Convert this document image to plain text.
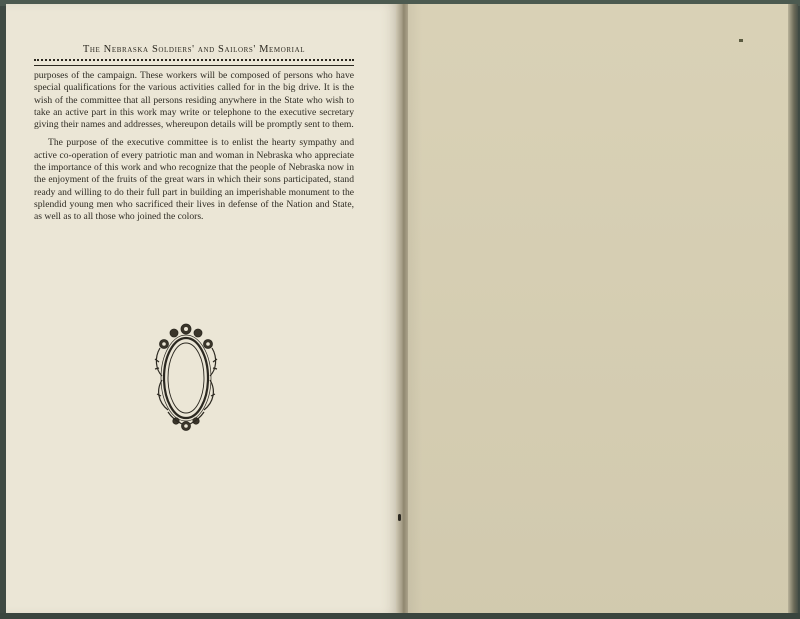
The Nebraska Soldiers' and Sailors' Memorial

purposes of the campaign. These workers will be composed of persons who have special qualifications for the various activities called for in the big drive. It is the wish of the committee that all persons residing anywhere in the State who wish to take an active part in this work may write or telephone to the executive secretary giving their names and addresses, whereupon details will be promptly sent to them.

The purpose of the executive committee is to enlist the hearty sympathy and active co-operation of every patriotic man and woman in Nebraska who appreciate the importance of this work and who recognize that the people of Nebraska now in the enjoyment of the fruits of the great wars in which their sons participated, stand ready and willing to do their full part in building an imperishable monument to the splendid young men who sacrificed their lives in defense of the Nation and State, as well as to all those who joined the colors.
